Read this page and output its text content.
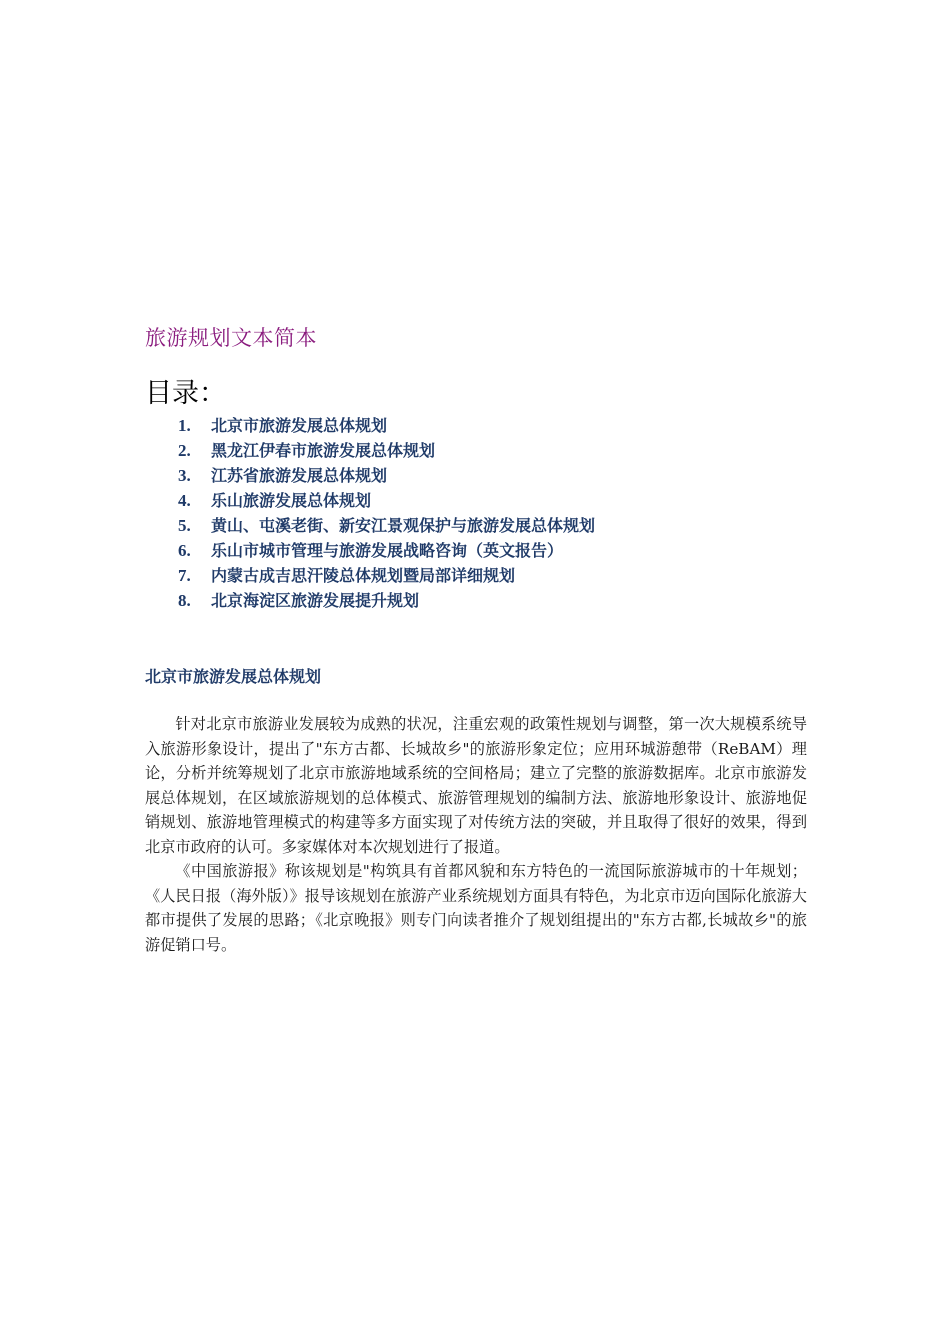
旅游规划文本简本
目录：
1.	北京市旅游发展总体规划
2.	黑龙江伊春市旅游发展总体规划
3.	江苏省旅游发展总体规划
4.	乐山旅游发展总体规划
5.	黄山、屯溪老街、新安江景观保护与旅游发展总体规划
6.	乐山市城市管理与旅游发展战略咨询（英文报告）
7.	内蒙古成吉思汗陵总体规划暨局部详细规划
8.	北京海淀区旅游发展提升规划
北京市旅游发展总体规划

针对北京市旅游业发展较为成熟的状况，注重宏观的政策性规划与调整，第一次大规模系统导入旅游形象设计，提出了"东方古都、长城故乡"的旅游形象定位；应用环城游憩带（ReBAM）理论，分析并统筹规划了北京市旅游地域系统的空间格局；建立了完整的旅游数据库。北京市旅游发展总体规划，在区域旅游规划的总体模式、旅游管理规划的编制方法、旅游地形象设计、旅游地促销规划、旅游地管理模式的构建等多方面实现了对传统方法的突破，并且取得了很好的效果，得到北京市政府的认可。多家媒体对本次规划进行了报道。

《中国旅游报》称该规划是"构筑具有首都风貌和东方特色的一流国际旅游城市的十年规划；《人民日报（海外版）》报导该规划在旅游产业系统规划方面具有特色，为北京市迈向国际化旅游大都市提供了发展的思路；《北京晚报》则专门向读者推介了规划组提出的"东方古都,长城故乡"的旅游促销口号。
